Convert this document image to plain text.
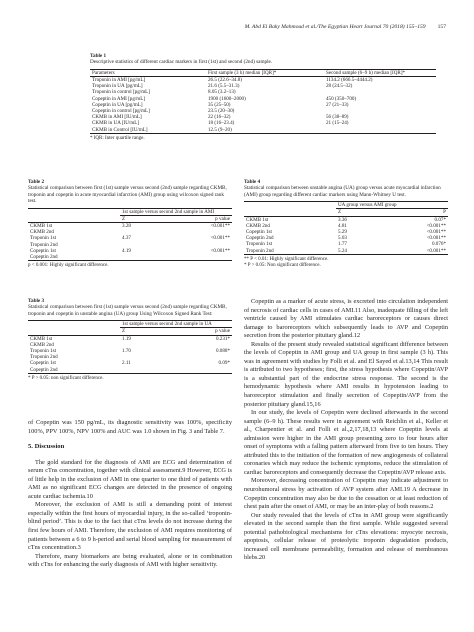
M. Abd El Baky Mahmoud et al./The Egyptian Heart Journal 70 (2018) 155–159 157
Table 1
Descriptive statistics of different cardiac markers in first (1st) and second (2nd) sample.
Parameters	First sample (3 h) median [IQR]*	Second sample (6–9 h) median [IQR]*
Troponin in AMI [pg/mL]	26.5 (22.6–34.8)	1134.2 (666.5–4444.2)
Troponin in UA [pg/mL]	21.6 (5.5–31.3)	28 (24.5–32)
Troponin in control [pg/mL]	8.05 (3.2–13)	
Copeptin in AMI [pg/mL]	1900 (1600–2000)	450 (350–700)
Copeptin in UA [pg/mL]	35 (25–50)	27 (21–33)
Copeptin in control [pg/mL]	23.5 (20–30)	
CKMB in AMI [IU/mL]	22 (16–32)	56 (38–89)
CKMB in UA [IU/mL]	18 (16–23.4)	21 (15–24)
CKMB in Control [IU/mL]	12.5 (9–20)	
* IQR: Inter quartile range.
Table 2
Statistical comparison between first (1st) sample versus second (2nd) sample regarding CKMB, troponin and copeptin in acute myocardial infarction (AMI) group using wilcoxon signed rank test.
	1st sample versus second 2nd sample in AMI	
	Z	p value
CKMB 1st	3.28	<0.001**
CKMB 2nd		
Troponin 1st	4.37	<0.001**
Troponin 2nd		
Copeptin 1st	4.19	<0.001**
Copeptin 2nd		
p < 0.001: Highly significant difference.
Table 3
Statistical comparison between first (1st) sample versus second (2nd) sample regarding CKMB, troponin and copeptin in unstable angina (UA) group Using Wilcoxon Signed Rank Test:
	1st sample versus second 2nd sample in UA	
	Z	p value
CKMB 1st	1.19	0.231*
CKMB 2nd		
Troponin 1st	1.70	0.088*
Troponin 2nd		
Copeptin 1st	2.11	0.09*
Copeptin 2nd		
* P > 0.05: non significant difference.
Table 4
Statistical comparison between unstable angina (UA) group versus acute myocardial infarction (AMI) group regarding different cardiac markers using Mann-Whitney U test.
	UA group versus AMI group	
	Z	P
CKMB 1st	3.36	0.07*
CKMB 2nd	4.81	<0.001**
Copeptin 1st	5.29	<0.001**
Copeptin 2nd	5.03	<0.001**
Troponin 1st	1.77	0.076*
Troponin 2nd	5.24	<0.001**
** P < 0.01: Highly significant difference.
* P > 0.05: Non significant difference.

of Copeptin was 150 pg/mL, its diagnostic sensitivity was 100%, specificity 100%, PPV 100%, NPV 100% and AUC was 1.0 shown in Fig. 3 and Table 7.

5. Discussion

The gold standard for the diagnosis of AMI are ECG and determination of serum cTns concentration, together with clinical assessment.9 However, ECG is of little help in the exclusion of AMI in one quarter to one third of patients with AMI as no significant ECG changes are detected in the presence of ongoing acute cardiac ischemia.10

Moreover, the exclusion of AMI is still a demanding point of interest especially within the first hours of myocardial injury, in the so-called ‘troponin-blind period’. This is due to the fact that cTns levels do not increase during the first few hours of AMI. Therefore, the exclusion of AMI requires monitoring of patients between a 6 to 9 h-period and serial blood sampling for measurement of cTns concentration.3

Therefore, many biomarkers are being evaluated, alone or in combination with cTns for enhancing the early diagnosis of AMI with higher sensitivity.

Copeptin as a marker of acute stress, is excreted into circulation independent of necrosis of cardiac cells in cases of AMI.11 Also, inadequate filling of the left ventricle caused by AMI stimulates cardiac baroreceptors or causes direct damage to baroreceptors which subsequently leads to AVP and Copeptin secretion from the posterior pituitary gland.12

Results of the present study revealed statistical significant difference between the levels of Copeptin in AMI group and UA group in first sample (3 h). This was in agreement with studies by Folli et al. and El Sayed et al.13,14 This result is attributed to two hypotheses; first, the stress hypothesis where Copeptin/AVP is a substantial part of the endocrine stress response. The second is the hemodynamic hypothesis where AMI results in hypotension leading to baroreceptor stimulation and finally secretion of Copeptin/AVP from the posterior pituitary gland.15,16

In our study, the levels of Copeptin were declined afterwards in the second sample (6–9 h). These results were in agreement with Reichlin et al., Keller et al., Charpentier et al. and Folli et al.,2,17,18,13 where Copeptin levels at admission were higher in the AMI group presenting zero to four hours after onset of symptoms with a falling pattern afterward from five to ten hours. They attributed this to the initiation of the formation of new angiogenesis of collateral coronaries which may reduce the ischemic symptoms, reduce the stimulation of cardiac baroreceptors and consequently decrease the Copeptin/AVP release axis.

Moreover, decreasing concentration of Copeptin may indicate adjustment to neurohumoral stress by activation of AVP system after AMI.19 A decrease in Copeptin concentration may also be due to the cessation or at least reduction of chest pain after the onset of AMI, or may be an inter-play of both reasons.2

Our study revealed that the levels of cTns in AMI group were significantly elevated in the second sample than the first sample. While suggested several potential pathobiological mechanisms for cTns elevations: myocyte necrosis, apoptosis, cellular release of proteolytic troponin degradation products, increased cell membrane permeability, formation and release of membranous blebs.20
